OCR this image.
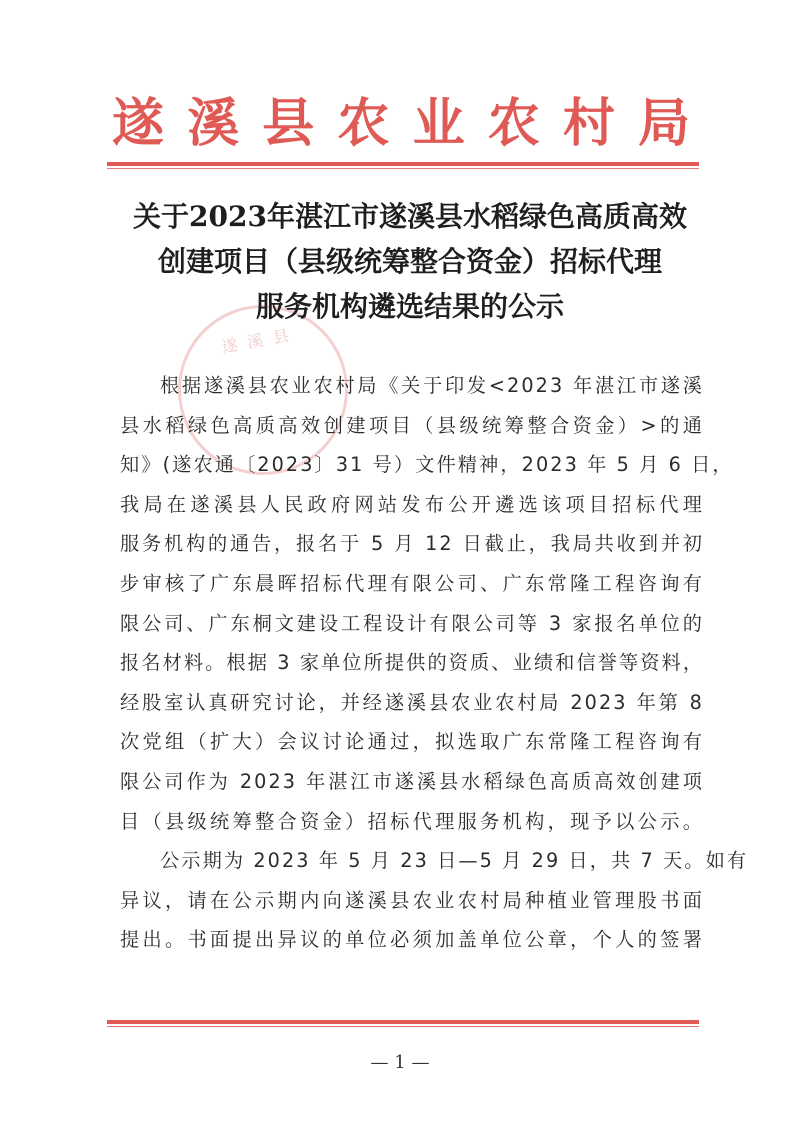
遂溪县农业农村局
遂溪县
关于2023年湛江市遂溪县水稻绿色高质高效
创建项目（县级统筹整合资金）招标代理
服务机构遴选结果的公示
根据遂溪县农业农村局《关于印发<2023 年湛江市遂溪
县水稻绿色高质高效创建项目（县级统筹整合资金）>的通
知》(遂农通〔2023〕31 号）文件精神，2023 年 5 月 6 日，
我局在遂溪县人民政府网站发布公开遴选该项目招标代理
服务机构的通告，报名于 5 月 12 日截止，我局共收到并初
步审核了广东晨晖招标代理有限公司、广东常隆工程咨询有
限公司、广东桐文建设工程设计有限公司等 3 家报名单位的
报名材料。根据 3 家单位所提供的资质、业绩和信誉等资料，
经股室认真研究讨论，并经遂溪县农业农村局 2023 年第 8
次党组（扩大）会议讨论通过，拟选取广东常隆工程咨询有
限公司作为 2023 年湛江市遂溪县水稻绿色高质高效创建项
目（县级统筹整合资金）招标代理服务机构，现予以公示。
公示期为 2023 年 5 月 23 日—5 月 29 日，共 7 天。如有
异议，请在公示期内向遂溪县农业农村局种植业管理股书面
提出。书面提出异议的单位必须加盖单位公章，个人的签署
— 1 —
